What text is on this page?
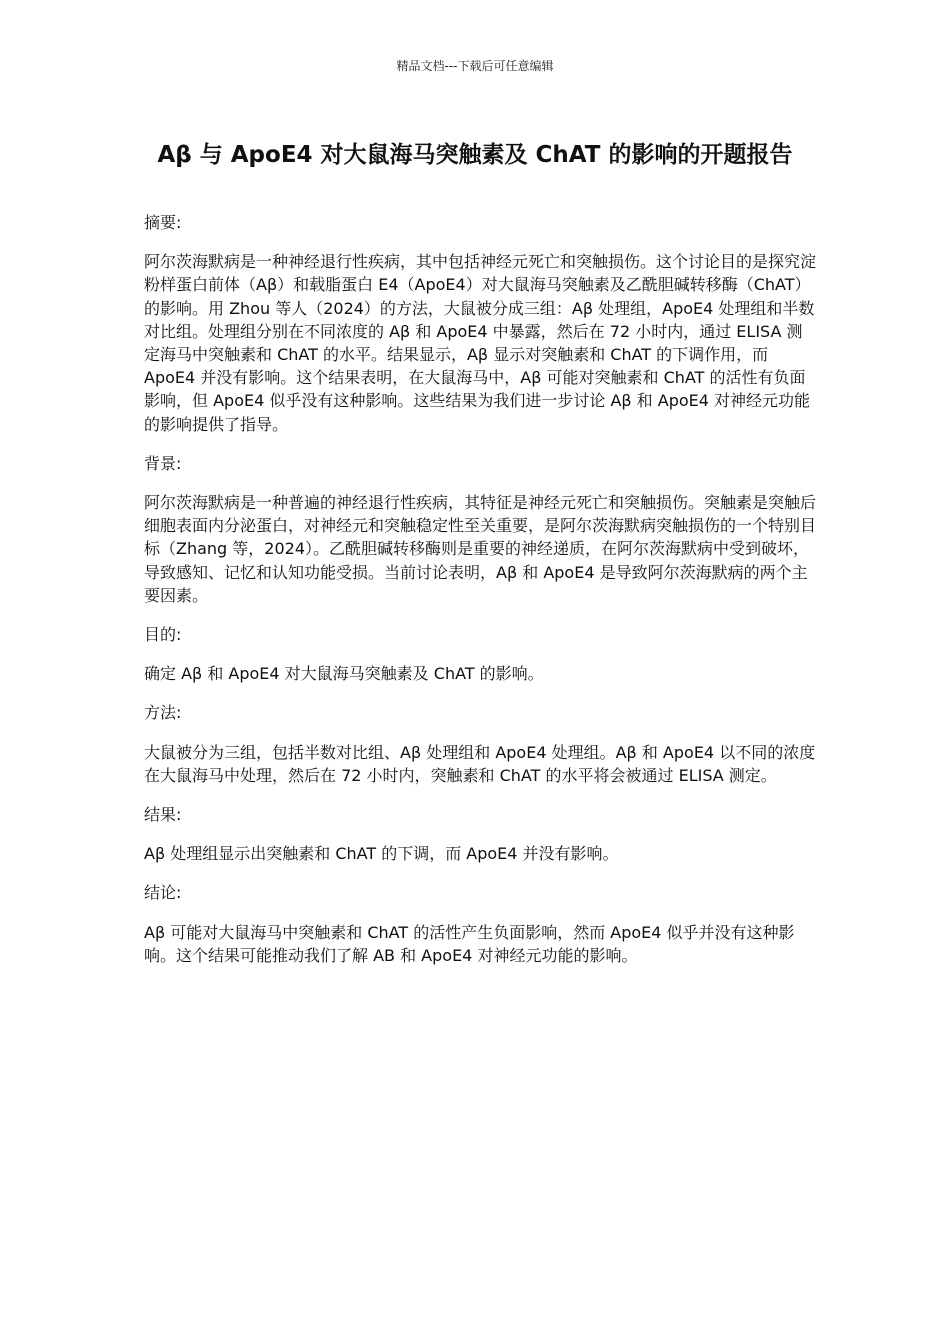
精品文档---下载后可任意编辑
Aβ 与 ApoE4 对大鼠海马突触素及 ChAT 的影响的开题报告

摘要:

阿尔茨海默病是一种神经退行性疾病，其中包括神经元死亡和突触损伤。这个讨论目的是探究淀粉样蛋白前体（Aβ）和载脂蛋白 E4（ApoE4）对大鼠海马突触素及乙酰胆碱转移酶（ChAT）的影响。用 Zhou 等人（2024）的方法，大鼠被分成三组：Aβ 处理组，ApoE4 处理组和半数对比组。处理组分别在不同浓度的 Aβ 和 ApoE4 中暴露，然后在 72 小时内，通过 ELISA 测定海马中突触素和 ChAT 的水平。结果显示，Aβ 显示对突触素和 ChAT 的下调作用，而 ApoE4 并没有影响。这个结果表明，在大鼠海马中，Aβ 可能对突触素和 ChAT 的活性有负面影响，但 ApoE4 似乎没有这种影响。这些结果为我们进一步讨论 Aβ 和 ApoE4 对神经元功能的影响提供了指导。

背景:

阿尔茨海默病是一种普遍的神经退行性疾病，其特征是神经元死亡和突触损伤。突触素是突触后细胞表面内分泌蛋白，对神经元和突触稳定性至关重要，是阿尔茨海默病突触损伤的一个特别目标（Zhang 等，2024）。乙酰胆碱转移酶则是重要的神经递质，在阿尔茨海默病中受到破坏，导致感知、记忆和认知功能受损。当前讨论表明，Aβ 和 ApoE4 是导致阿尔茨海默病的两个主要因素。

目的:

确定 Aβ 和 ApoE4 对大鼠海马突触素及 ChAT 的影响。

方法:

大鼠被分为三组，包括半数对比组、Aβ 处理组和 ApoE4 处理组。Aβ 和 ApoE4 以不同的浓度在大鼠海马中处理，然后在 72 小时内，突触素和 ChAT 的水平将会被通过 ELISA 测定。

结果:

Aβ 处理组显示出突触素和 ChAT 的下调，而 ApoE4 并没有影响。

结论:

Aβ 可能对大鼠海马中突触素和 ChAT 的活性产生负面影响，然而 ApoE4 似乎并没有这种影响。这个结果可能推动我们了解 AB 和 ApoE4 对神经元功能的影响。
